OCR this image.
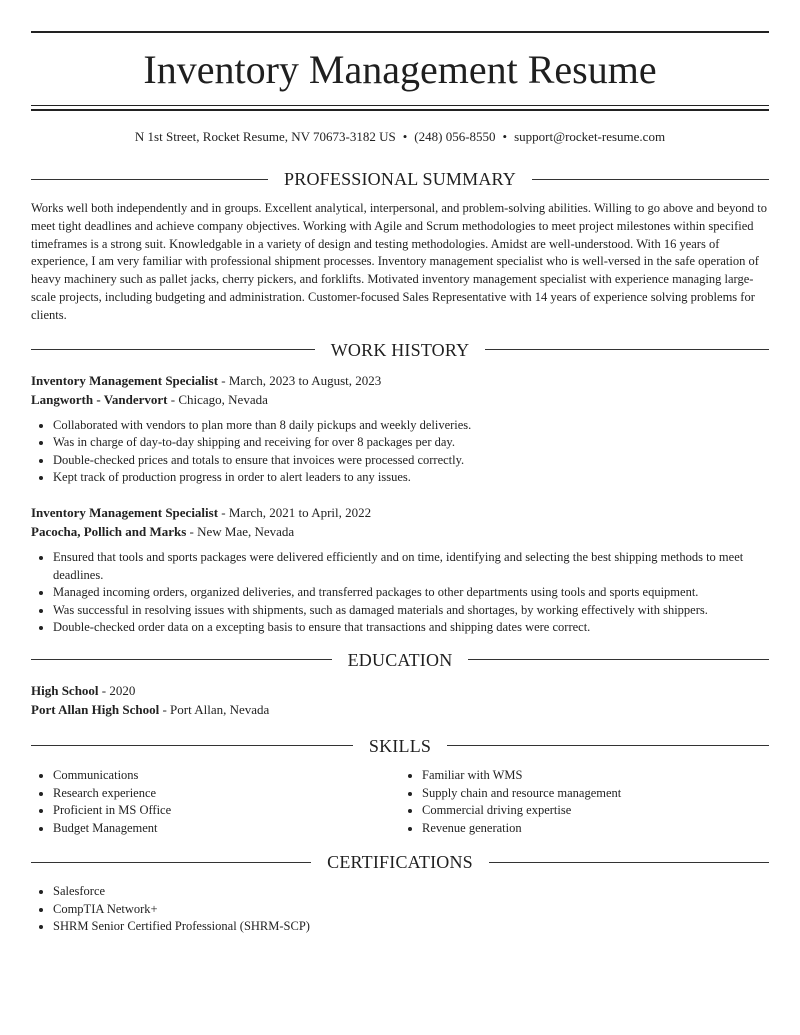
Inventory Management Resume
N 1st Street, Rocket Resume, NV 70673-3182 US • (248) 056-8550 • support@rocket-resume.com
PROFESSIONAL SUMMARY

Works well both independently and in groups. Excellent analytical, interpersonal, and problem-solving abilities. Willing to go above and beyond to meet tight deadlines and achieve company objectives. Working with Agile and Scrum methodologies to meet project milestones within specified timeframes is a strong suit. Knowledgable in a variety of design and testing methodologies. Amidst are well-understood. With 16 years of experience, I am very familiar with professional shipment processes. Inventory management specialist who is well-versed in the safe operation of heavy machinery such as pallet jacks, cherry pickers, and forklifts. Motivated inventory management specialist with experience managing large-scale projects, including budgeting and administration. Customer-focused Sales Representative with 14 years of experience solving problems for clients.

WORK HISTORY
Inventory Management Specialist - March, 2023 to August, 2023
Langworth - Vandervort - Chicago, Nevada
• Collaborated with vendors to plan more than 8 daily pickups and weekly deliveries.
• Was in charge of day-to-day shipping and receiving for over 8 packages per day.
• Double-checked prices and totals to ensure that invoices were processed correctly.
• Kept track of production progress in order to alert leaders to any issues.
Inventory Management Specialist - March, 2021 to April, 2022
Pacocha, Pollich and Marks - New Mae, Nevada
• Ensured that tools and sports packages were delivered efficiently and on time, identifying and selecting the best shipping methods to meet deadlines.
• Managed incoming orders, organized deliveries, and transferred packages to other departments using tools and sports equipment.
• Was successful in resolving issues with shipments, such as damaged materials and shortages, by working effectively with shippers.
• Double-checked order data on a excepting basis to ensure that transactions and shipping dates were correct.
EDUCATION
High School - 2020
Port Allan High School - Port Allan, Nevada
SKILLS
• Communications
• Research experience
• Proficient in MS Office
• Budget Management
• Familiar with WMS
• Supply chain and resource management
• Commercial driving expertise
• Revenue generation
CERTIFICATIONS
• Salesforce
• CompTIA Network+
• SHRM Senior Certified Professional (SHRM-SCP)
